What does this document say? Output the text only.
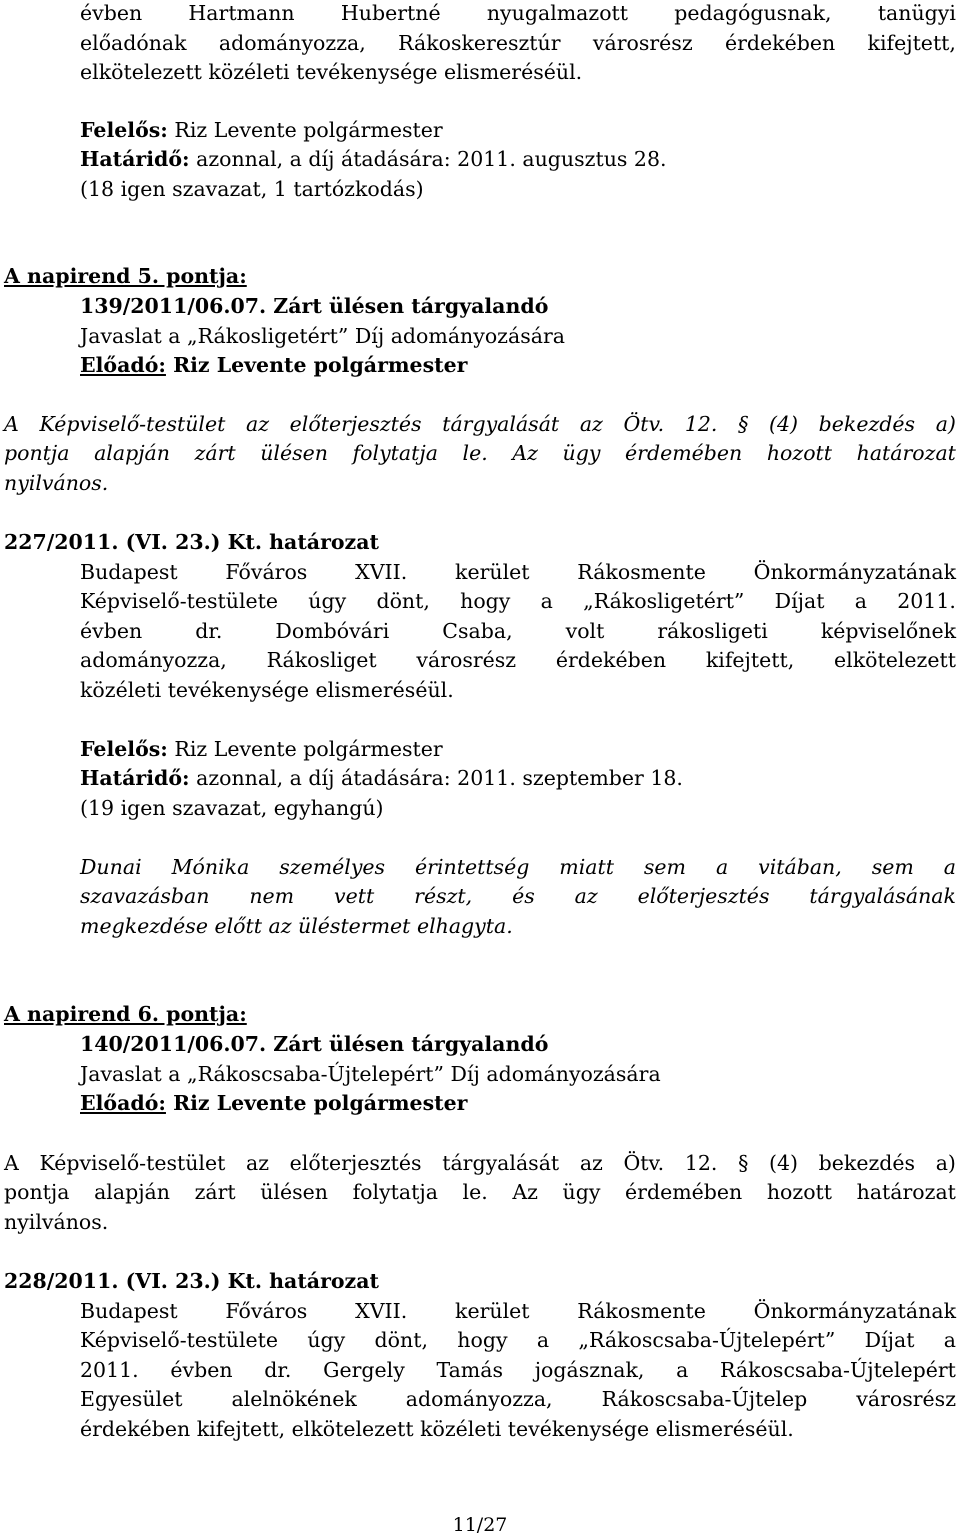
évben Hartmann Hubertné nyugalmazott pedagógusnak, tanügyi
előadónak adományozza, Rákoskeresztúr városrész érdekében kifejtett,
elkötelezett közéleti tevékenysége elismeréséül.
Felelős: Riz Levente polgármester
Határidő: azonnal, a díj átadására: 2011. augusztus 28.
(18 igen szavazat, 1 tartózkodás)
A napirend 5. pontja:
139/2011/06.07. Zárt ülésen tárgyalandó
Javaslat a „Rákosligetért” Díj adományozására
Előadó: Riz Levente polgármester
A Képviselő-testület az előterjesztés tárgyalását az Ötv. 12. § (4) bekezdés a)
pontja alapján zárt ülésen folytatja le. Az ügy érdemében hozott határozat
nyilvános.
227/2011. (VI. 23.) Kt. határozat
Budapest Főváros XVII. kerület Rákosmente Önkormányzatának
Képviselő-testülete úgy dönt, hogy a „Rákosligetért” Díjat a 2011.
évben	dr.	Dombóvári	Csaba,	volt	rákosligeti	képviselőnek
adományozza, Rákosliget városrész érdekében kifejtett, elkötelezett
közéleti tevékenysége elismeréséül.
Felelős: Riz Levente polgármester
Határidő: azonnal, a díj átadására: 2011. szeptember 18.
(19 igen szavazat, egyhangú)
Dunai Mónika személyes érintettség miatt sem a vitában, sem a
szavazásban nem vett részt, és az előterjesztés tárgyalásának
megkezdése előtt az üléstermet elhagyta.
A napirend 6. pontja:
140/2011/06.07. Zárt ülésen tárgyalandó
Javaslat a „Rákoscsaba-Újtelepért” Díj adományozására
Előadó: Riz Levente polgármester
A Képviselő-testület az előterjesztés tárgyalását az Ötv. 12. § (4) bekezdés a)
pontja alapján zárt ülésen folytatja le. Az ügy érdemében hozott határozat
nyilvános.
228/2011. (VI. 23.) Kt. határozat
Budapest Főváros XVII. kerület Rákosmente Önkormányzatának
Képviselő-testülete úgy dönt, hogy a „Rákoscsaba-Újtelepért” Díjat a
2011. évben dr. Gergely Tamás jogásznak, a Rákoscsaba-Újtelepért
Egyesület alelnökének adományozza, Rákoscsaba-Újtelep városrész
érdekében kifejtett, elkötelezett közéleti tevékenysége elismeréséül.
11/27
